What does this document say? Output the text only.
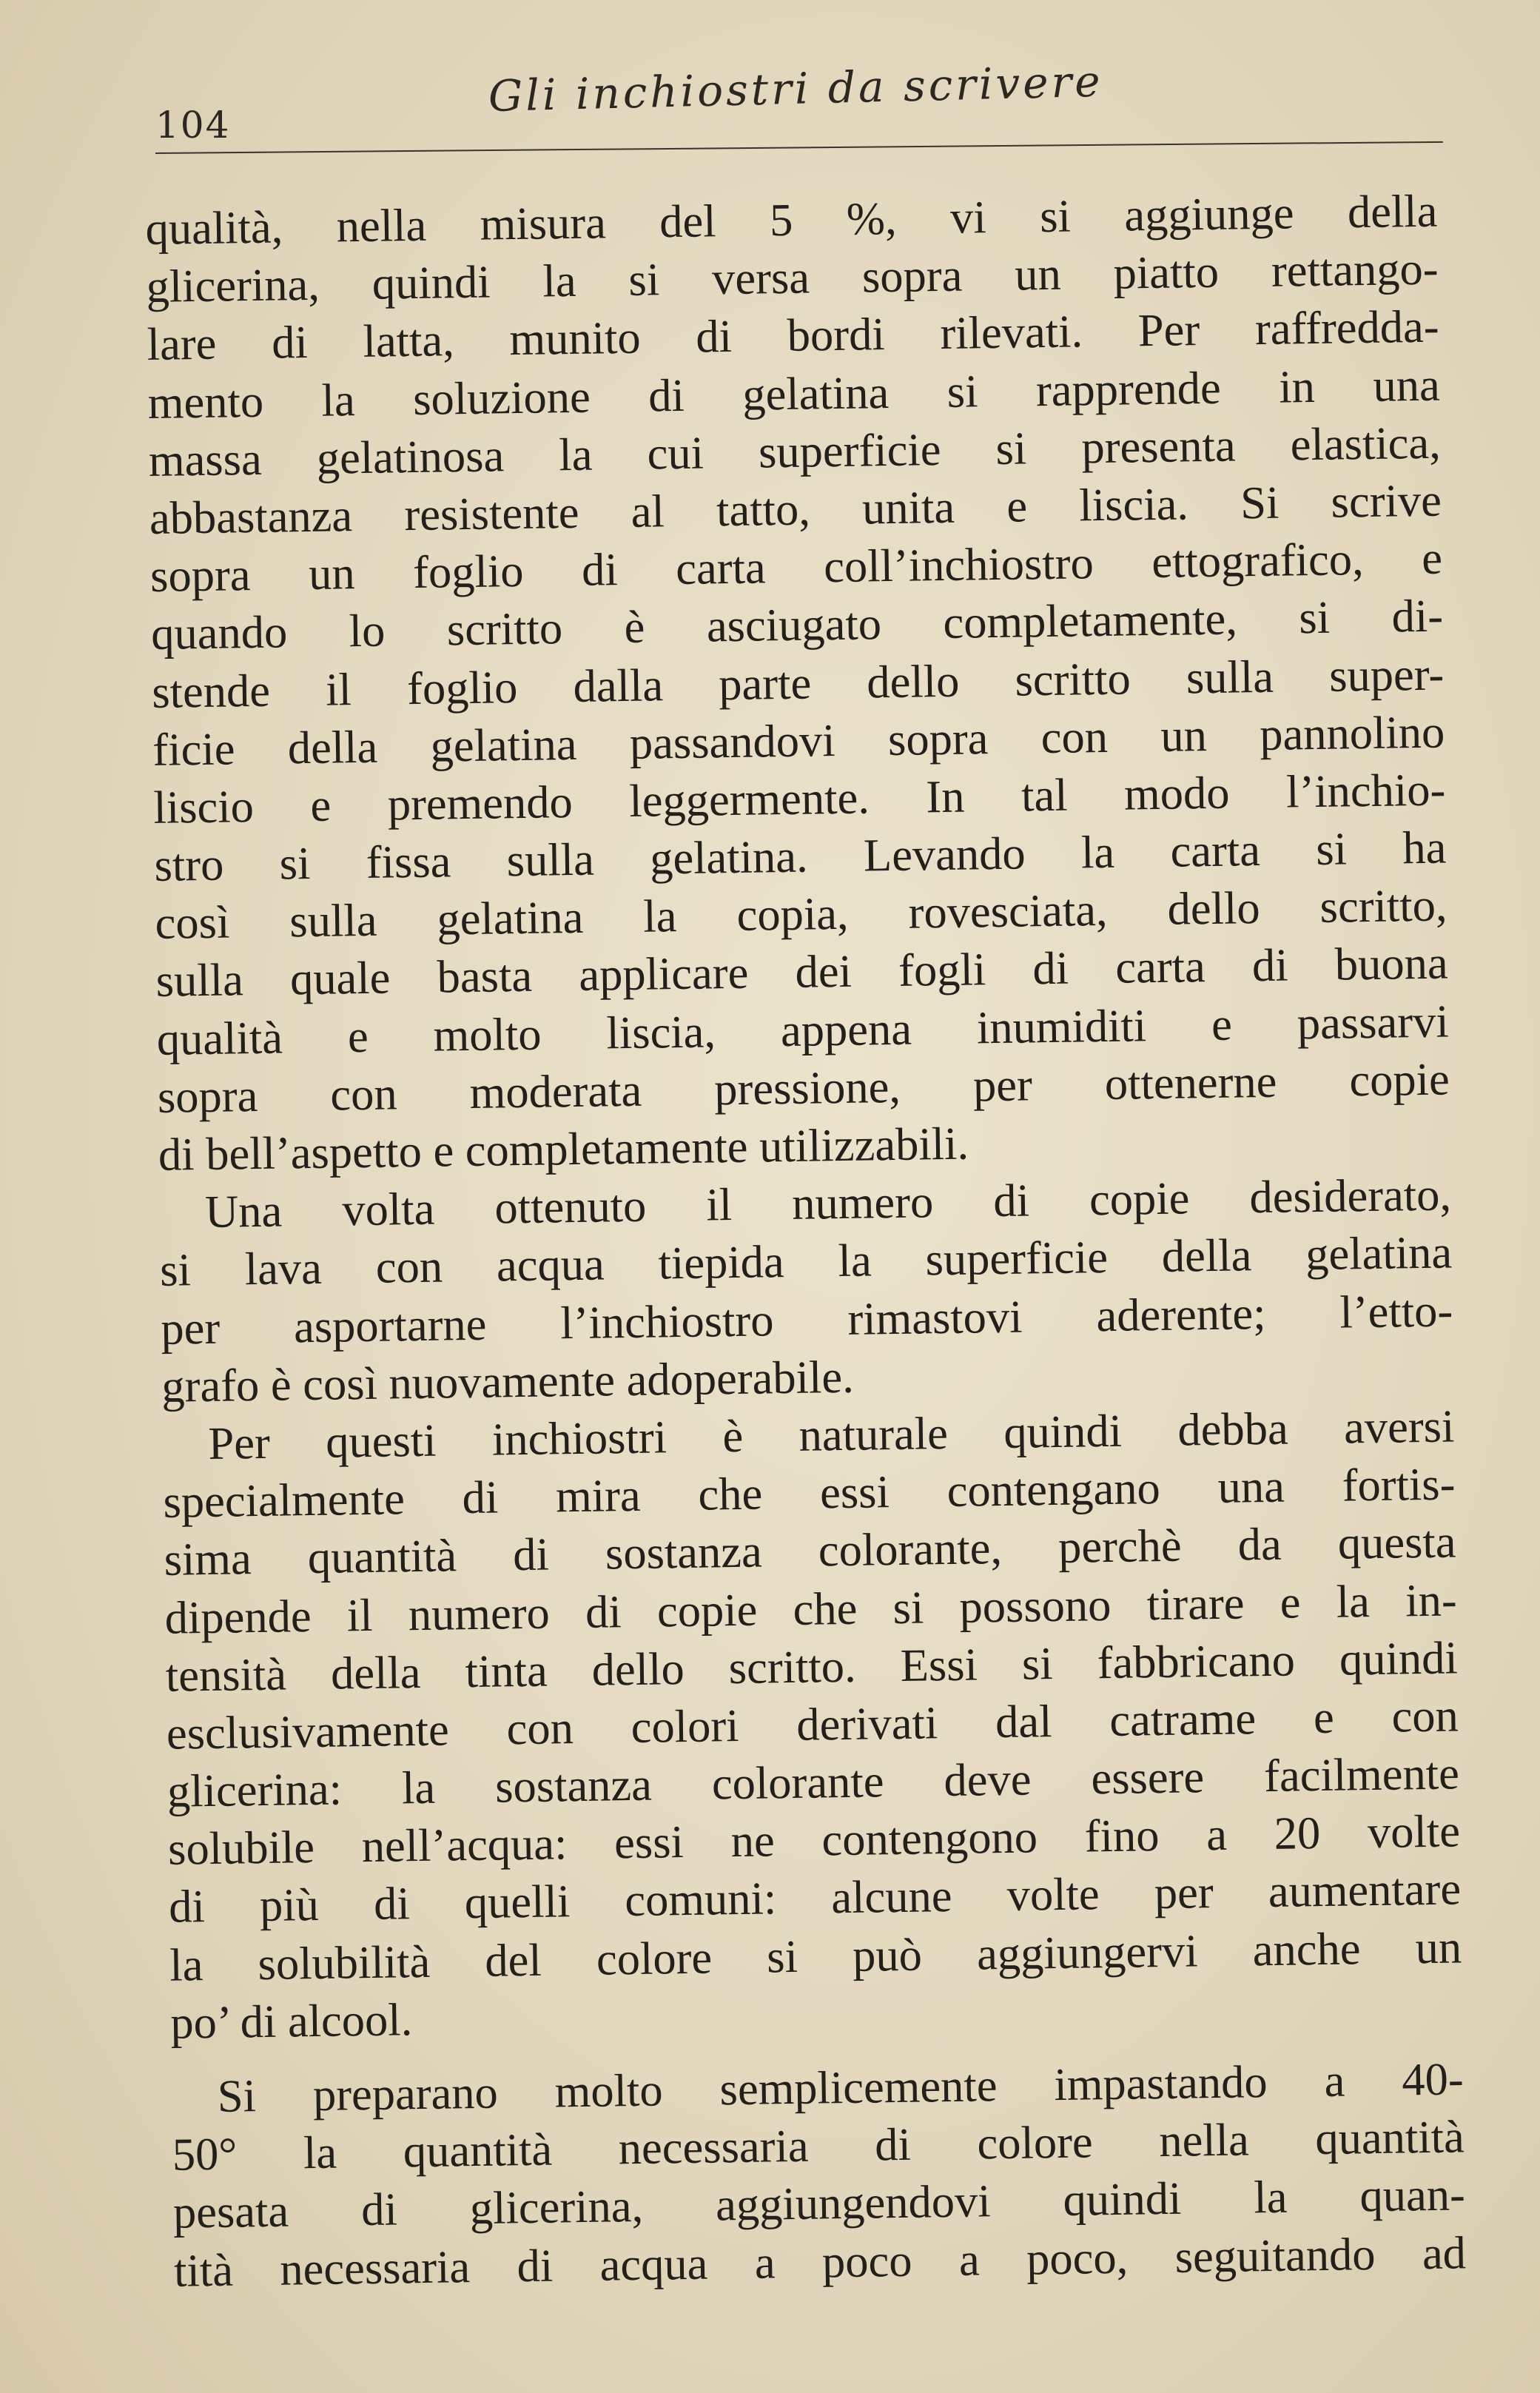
104
Gli inchiostri da scrivere
qualità, nella misura del 5 %, vi si aggiunge della
glicerina, quindi la si versa sopra un piatto rettango-
lare di latta, munito di bordi rilevati. Per raffredda-
mento la soluzione di gelatina si rapprende in una
massa gelatinosa la cui superficie si presenta elastica,
abbastanza resistente al tatto, unita e liscia. Si scrive
sopra un foglio di carta coll’inchiostro ettografico, e
quando lo scritto è asciugato completamente, si di-
stende il foglio dalla parte dello scritto sulla super-
ficie della gelatina passandovi sopra con un pannolino
liscio e premendo leggermente. In tal modo l’inchio-
stro si fissa sulla gelatina. Levando la carta si ha
così sulla gelatina la copia, rovesciata, dello scritto,
sulla quale basta applicare dei fogli di carta di buona
qualità e molto liscia, appena inumiditi e passarvi
sopra con moderata pressione, per ottenerne copie
di bell’aspetto e completamente utilizzabili.
Una volta ottenuto il numero di copie desiderato,
si lava con acqua tiepida la superficie della gelatina
per asportarne l’inchiostro rimastovi aderente; l’etto-
grafo è così nuovamente adoperabile.
Per questi inchiostri è naturale quindi debba aversi
specialmente di mira che essi contengano una fortis-
sima quantità di sostanza colorante, perchè da questa
dipende il numero di copie che si possono tirare e la in-
tensità della tinta dello scritto. Essi si fabbricano quindi
esclusivamente con colori derivati dal catrame e con
glicerina: la sostanza colorante deve essere facilmente
solubile nell’acqua: essi ne contengono fino a 20 volte
di più di quelli comuni: alcune volte per aumentare
la solubilità del colore si può aggiungervi anche un
po’ di alcool.
Si preparano molto semplicemente impastando a 40-
50° la quantità necessaria di colore nella quantità
pesata di glicerina, aggiungendovi quindi la quan-
tità necessaria di acqua a poco a poco, seguitando ad
